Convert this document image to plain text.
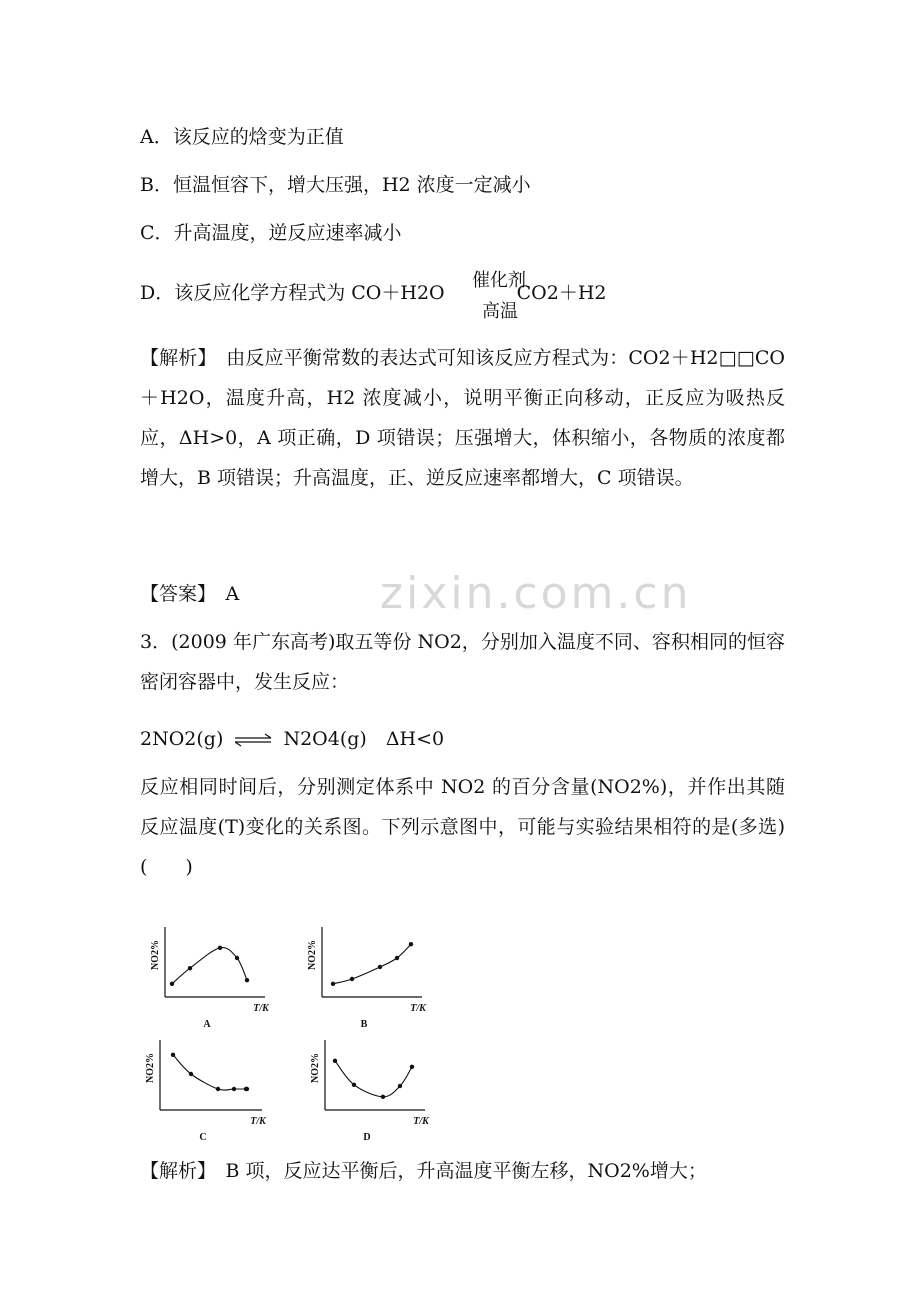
zixin.com.cn
A．该反应的焓变为正值
B．恒温恒容下，增大压强，H2 浓度一定减小
C．升高温度，逆反应速率减小
D．该反应化学方程式为 CO＋H2O	CO2＋H2
催化剂
高温
【解析】　由反应平衡常数的表达式可知该反应方程式为：CO2＋H2□□CO＋H2O，温度升高，H2 浓度减小，说明平衡正向移动，正反应为吸热反应，ΔH>0，A 项正确，D 项错误；压强增大，体积缩小，各物质的浓度都增大，B 项错误；升高温度，正、逆反应速率都增大，C 项错误。
【答案】　A
3．(2009 年广东高考)取五等份 NO2，分别加入温度不同、容积相同的恒容密闭容器中，发生反应：
2NO2(g) ⇌ N2O4(g)　ΔH<0
反应相同时间后，分别测定体系中 NO2 的百分含量(NO2%)，并作出其随反应温度(T)变化的关系图。下列示意图中，可能与实验结果相符的是(多选)(　　)
NO2%
T/K
A
NO2%
T/K
B
NO2%
T/K
C
NO2%
T/K
D
【解析】　B 项，反应达平衡后，升高温度平衡左移，NO2%增大；
